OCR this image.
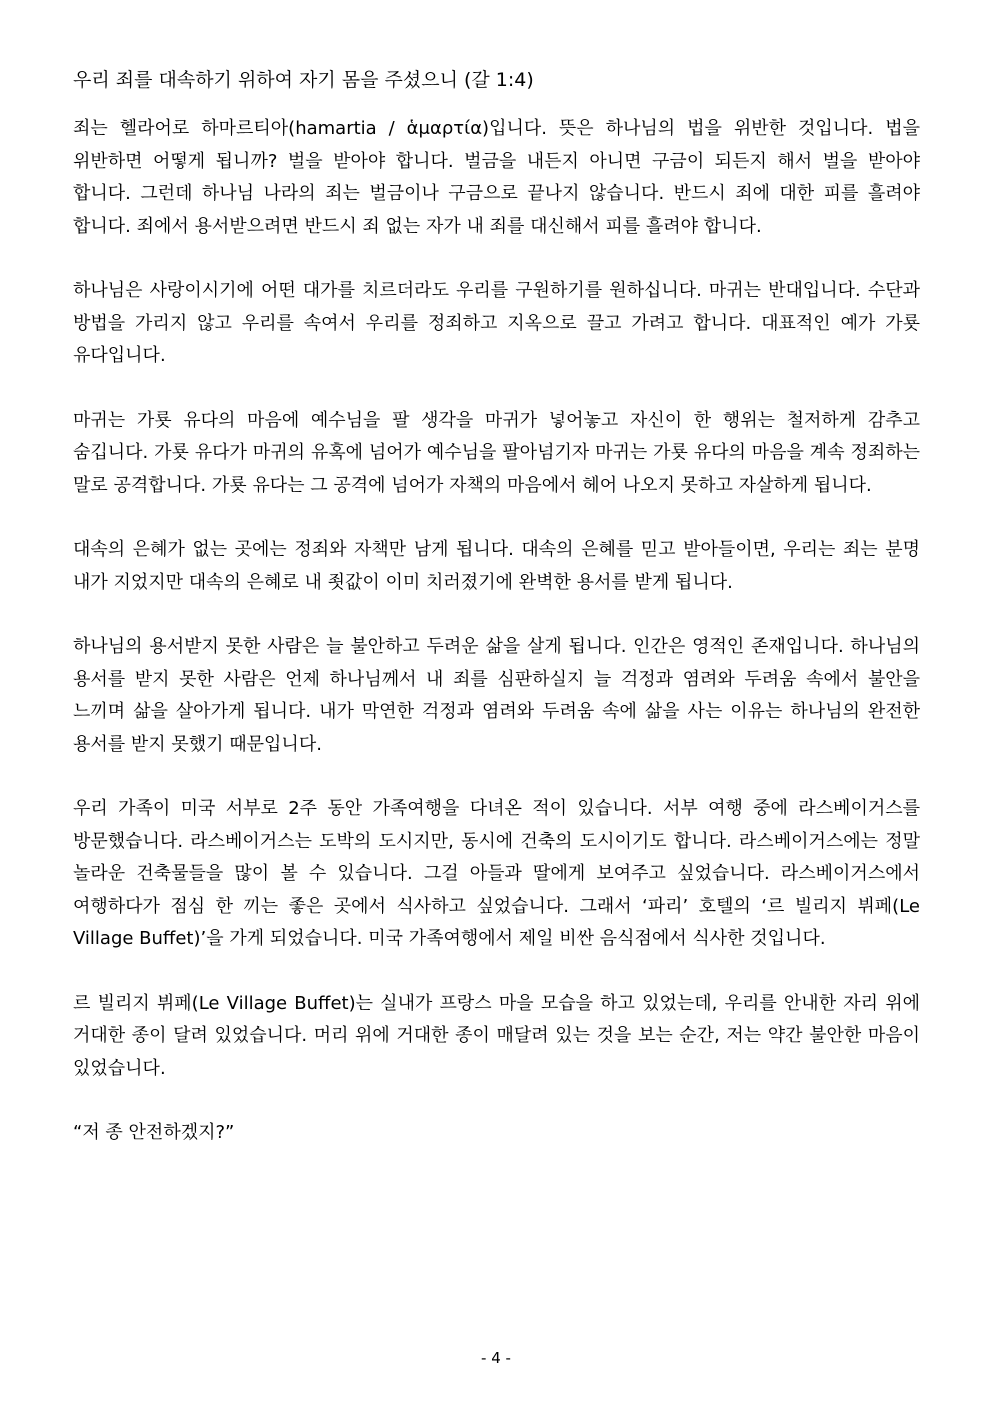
우리 죄를 대속하기 위하여 자기 몸을 주셨으니 (갈 1:4)

죄는 헬라어로 하마르티아(hamartia / ἁμαρτία)입니다. 뜻은 하나님의 법을 위반한 것입니다. 법을 위반하면 어떻게 됩니까? 벌을 받아야 합니다. 벌금을 내든지 아니면 구금이 되든지 해서 벌을 받아야 합니다. 그런데 하나님 나라의 죄는 벌금이나 구금으로 끝나지 않습니다. 반드시 죄에 대한 피를 흘려야 합니다. 죄에서 용서받으려면 반드시 죄 없는 자가 내 죄를 대신해서 피를 흘려야 합니다.

하나님은 사랑이시기에 어떤 대가를 치르더라도 우리를 구원하기를 원하십니다. 마귀는 반대입니다. 수단과 방법을 가리지 않고 우리를 속여서 우리를 정죄하고 지옥으로 끌고 가려고 합니다. 대표적인 예가 가룟 유다입니다.

마귀는 가룟 유다의 마음에 예수님을 팔 생각을 마귀가 넣어놓고 자신이 한 행위는 철저하게 감추고 숨깁니다. 가룟 유다가 마귀의 유혹에 넘어가 예수님을 팔아넘기자 마귀는 가룟 유다의 마음을 계속 정죄하는 말로 공격합니다. 가룟 유다는 그 공격에 넘어가 자책의 마음에서 헤어 나오지 못하고 자살하게 됩니다.

대속의 은혜가 없는 곳에는 정죄와 자책만 남게 됩니다. 대속의 은혜를 믿고 받아들이면, 우리는 죄는 분명 내가 지었지만 대속의 은혜로 내 죗값이 이미 치러졌기에 완벽한 용서를 받게 됩니다.

하나님의 용서받지 못한 사람은 늘 불안하고 두려운 삶을 살게 됩니다. 인간은 영적인 존재입니다. 하나님의 용서를 받지 못한 사람은 언제 하나님께서 내 죄를 심판하실지 늘 걱정과 염려와 두려움 속에서 불안을 느끼며 삶을 살아가게 됩니다. 내가 막연한 걱정과 염려와 두려움 속에 삶을 사는 이유는 하나님의 완전한 용서를 받지 못했기 때문입니다.

우리 가족이 미국 서부로 2주 동안 가족여행을 다녀온 적이 있습니다. 서부 여행 중에 라스베이거스를 방문했습니다. 라스베이거스는 도박의 도시지만, 동시에 건축의 도시이기도 합니다. 라스베이거스에는 정말 놀라운 건축물들을 많이 볼 수 있습니다. 그걸 아들과 딸에게 보여주고 싶었습니다. 라스베이거스에서 여행하다가 점심 한 끼는 좋은 곳에서 식사하고 싶었습니다. 그래서 ‘파리’ 호텔의 ‘르 빌리지 뷔페(Le Village Buffet)’을 가게 되었습니다. 미국 가족여행에서 제일 비싼 음식점에서 식사한 것입니다.

르 빌리지 뷔페(Le Village Buffet)는 실내가 프랑스 마을 모습을 하고 있었는데, 우리를 안내한 자리 위에 거대한 종이 달려 있었습니다. 머리 위에 거대한 종이 매달려 있는 것을 보는 순간, 저는 약간 불안한 마음이 있었습니다.

“저 종 안전하겠지?”

- 4 -
